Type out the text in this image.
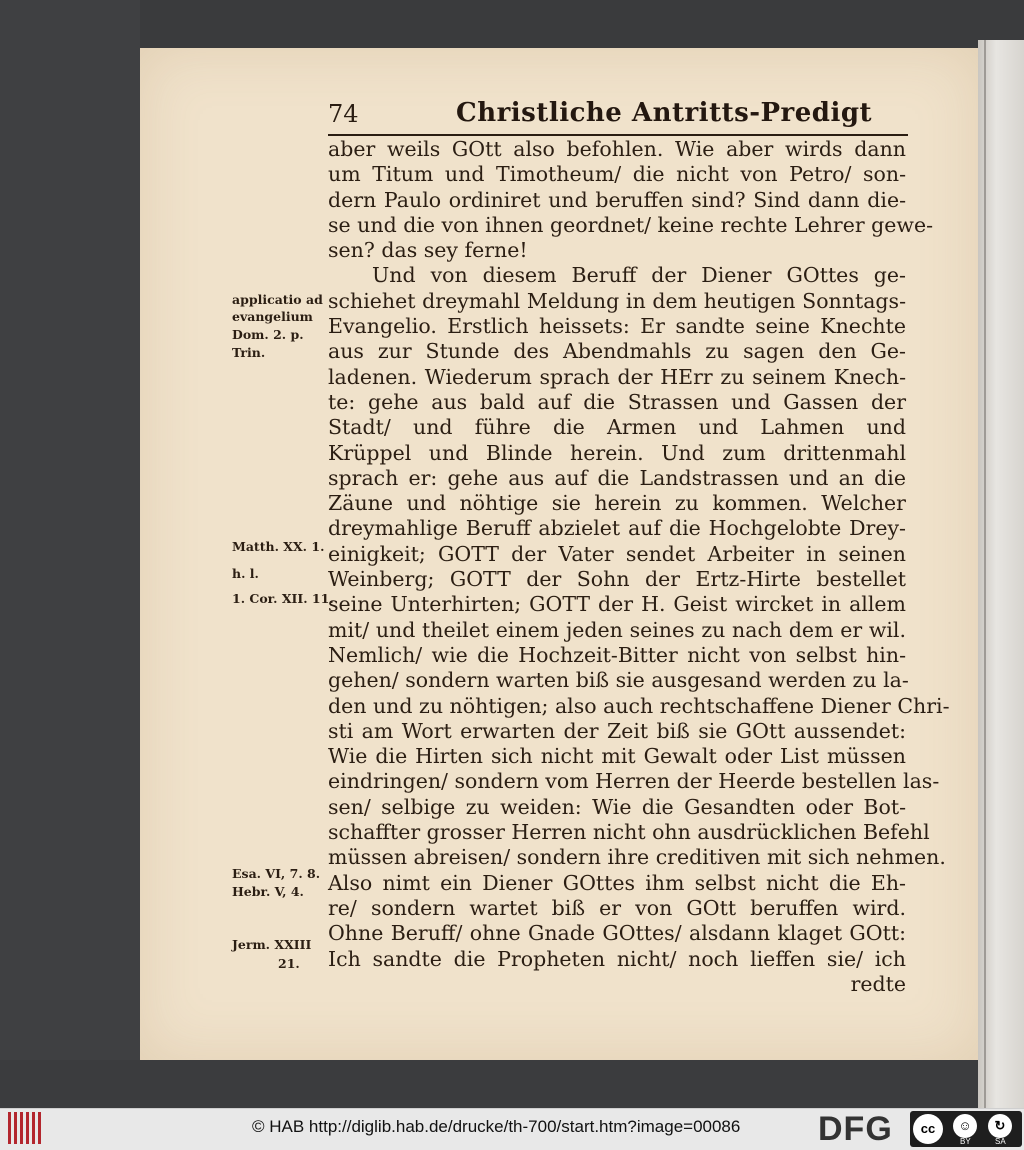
74	Christliche Antritts-Predigt
aber weils GOtt also befohlen. Wie aber wirds dann
um Titum und Timotheum/ die nicht von Petro/ son-
dern Paulo ordiniret und beruffen sind? Sind dann die-
se und die von ihnen geordnet/ keine rechte Lehrer gewe-
sen? das sey ferne!
Und von diesem Beruff der Diener GOttes ge-
schiehet dreymahl Meldung in dem heutigen Sonntags-
Evangelio. Erstlich heissets: Er sandte seine Knechte
aus zur Stunde des Abendmahls zu sagen den Ge-
ladenen. Wiederum sprach der HErr zu seinem Knech-
te: gehe aus bald auf die Strassen und Gassen der
Stadt/ und führe die Armen und Lahmen und
Krüppel und Blinde herein. Und zum drittenmahl
sprach er: gehe aus auf die Landstrassen und an die
Zäune und nöhtige sie herein zu kommen. Welcher
dreymahlige Beruff abzielet auf die Hochgelobte Drey-
einigkeit; GOTT der Vater sendet Arbeiter in seinen
Weinberg; GOTT der Sohn der Ertz-Hirte bestellet
seine Unterhirten; GOTT der H. Geist wircket in allem
mit/ und theilet einem jeden seines zu nach dem er wil.
Nemlich/ wie die Hochzeit-Bitter nicht von selbst hin-
gehen/ sondern warten biß sie ausgesand werden zu la-
den und zu nöhtigen; also auch rechtschaffene Diener Chri-
sti am Wort erwarten der Zeit biß sie GOtt aussendet:
Wie die Hirten sich nicht mit Gewalt oder List müssen
eindringen/ sondern vom Herren der Heerde bestellen las-
sen/ selbige zu weiden: Wie die Gesandten oder Bot-
schaffter grosser Herren nicht ohn ausdrücklichen Befehl
müssen abreisen/ sondern ihre creditiven mit sich nehmen.
Also nimt ein Diener GOttes ihm selbst nicht die Eh-
re/ sondern wartet biß er von GOtt beruffen wird.
Ohne Beruff/ ohne Gnade GOttes/ alsdann klaget GOtt:
Ich sandte die Propheten nicht/ noch lieffen sie/ ich
redte
applicatio ad
evangelium
Dom. 2. p.
Trin.
Matth. XX. 1.
h. l.
1. Cor. XII. 11.
Esa. VI, 7. 8.
Hebr. V, 4.
Jerm. XXIII
21.
© HAB http://diglib.hab.de/drucke/th-700/start.htm?image=00086 DFG	cc	☺	↻
BY	SA
